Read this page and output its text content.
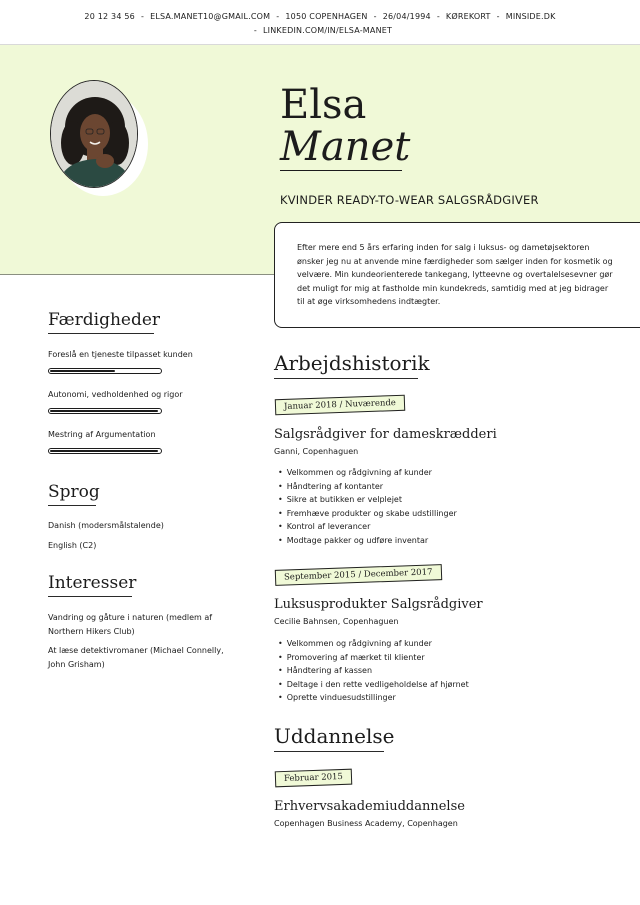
20 12 34 56 - ELSA.MANET10@GMAIL.COM - 1050 COPENHAGEN - 26/04/1994 - KØREKORT - MINSIDE.DK
- LINKEDIN.COM/IN/ELSA-MANET
Elsa
Manet
KVINDER READY-TO-WEAR SALGSRÅDGIVER
Efter mere end 5 års erfaring inden for salg i luksus- og dametøjsektoren ønsker jeg nu at anvende mine færdigheder som sælger inden for kosmetik og velvære. Min kundeorienterede tankegang, lyttеevne og overtalelsesevner gør det muligt for mig at fastholde min kundekreds, samtidig med at jeg bidrager til at øge virksomhedens indtægter.
Færdigheder
Foreslå en tjeneste tilpasset kunden
Autonomi, vedholdenhed og rigor
Mestring af Argumentation
Sprog
Danish (modersmålstalende)
English (C2)
Interesser
Vandring og gåture i naturen (medlem af Northern Hikers Club)
At læse detektivromaner (Michael Connelly, John Grisham)
Arbejdshistorik
Januar 2018 / Nuværende
Salgsrådgiver for dameskrædderi
Ganni, Copenhaguen
• Velkommen og rådgivning af kunder
• Håndtering af kontanter
• Sikre at butikken er velplejet
• Fremhæve produkter og skabe udstillinger
• Kontrol af leverancer
• Modtage pakker og udføre inventar
September 2015 / December 2017
Luksusprodukter Salgsrådgiver
Cecilie Bahnsen, Copenhaguen
• Velkommen og rådgivning af kunder
• Promovering af mærket til klienter
• Håndtering af kassen
• Deltage i den rette vedligeholdelse af hjørnet
• Oprette vinduesudstillinger
Uddannelse
Februar 2015
Erhvervsakademiuddannelse
Copenhagen Business Academy, Copenhagen
